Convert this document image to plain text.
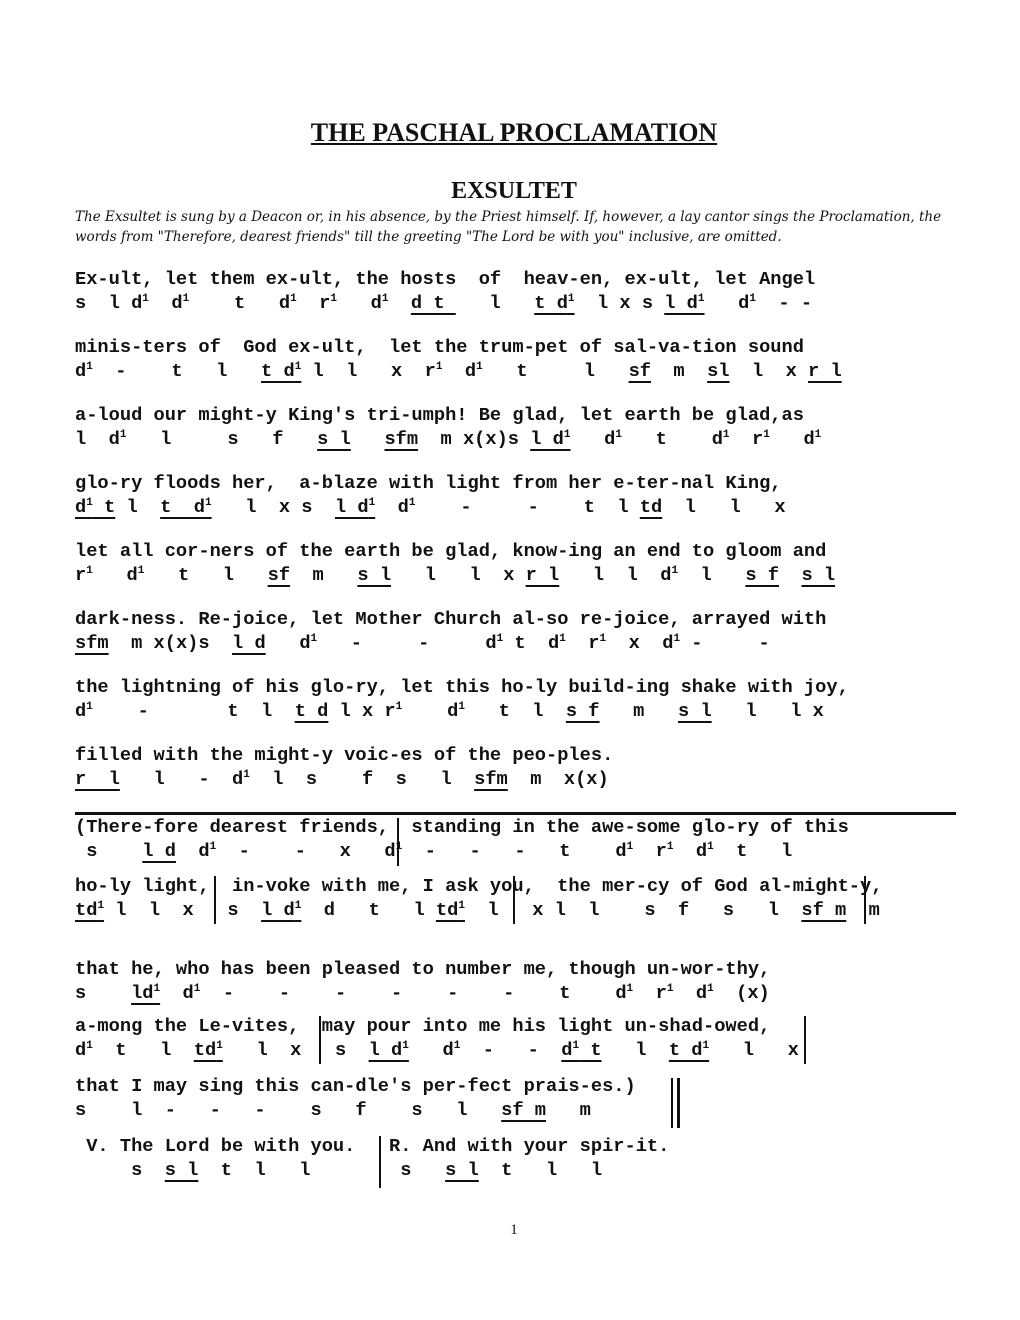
THE PASCHAL PROCLAMATION
EXSULTET

The Exsultet is sung by a Deacon or, in his absence, by the Priest himself. If, however, a lay cantor sings the Proclamation, the words from "Therefore, dearest friends" till the greeting "The Lord be with you" inclusive, are omitted.

Ex-ult, let them ex-ult, the hosts  of  heav-en, ex-ult, let Angel
s  l $d^1$  $d^1$    t   $d^1$  $r^1$   $d^1$ d t    l   t $d^1$  l x s l $d^1$   $d^1$  - -
minis-ters of  God ex-ult,  let the trum-pet of sal-va-tion sound
$d^1$  -    t   l   t $d^1$ l  l   x  $r^1$  $d^1$   t     l   sf  m  sl  l  x r l
a-loud our might-y King's tri-umph! Be glad, let earth be glad,as
l  $d^1$   l     s   f   s l sfm  m x(x)s l $d^1$   $d^1$   t    $d^1$  $r^1$   $d^1$
glo-ry floods her,  a-blaze with light from her e-ter-nal King,
$d^1$ t l  t  $d^1$   l  x s  l $d^1$  $d^1$    -     -    t  l td  l   l   x
let all cor-ners of the earth be glad, know-ing an end to gloom and
$r^1$   $d^1$   t   l   sf  m   s l   l   l  x r l   l  l  $d^1$  l   s f s l
dark-ness. Re-joice, let Mother Church al-so re-joice, arrayed with
sfm  m x(x)s  l d   $d^1$   -     -     $d^1$ t  $d^1$  $r^1$  x  $d^1$ -     -
the lightning of his glo-ry, let this ho-ly build-ing shake with joy,
$d^1$    -       t  l  t d l x $r^1$    $d^1$   t  l  s f   m   s l   l   l x
filled with the might-y voic-es of the peo-ples.
r  l   l   -  $d^1$  l  s    f  s   l  sfm  m  x(x)
(There-fore dearest friends,  standing in the awe-some glo-ry of this
s    l d  $d^1$  -    -   x   $d^1$  -   -   -   t    $d^1$  $r^1$  $d^1$  t   l
ho-ly light,  in-voke with me, I ask you,  the mer-cy of God al-might-y,
$td^1$ l  l  x   s  l $d^1$  d   t   l $td^1$  l   x l  l    s  f   s   l  sf m  m
that he, who has been pleased to number me, though un-wor-thy,
s    $ld^1$  $d^1$  -    -    -    -    -    -    t    $d^1$  $r^1$  $d^1$  (x)
a-mong the Le-vites,  may pour into me his light un-shad-owed,
$d^1$  t   l  $td^1$   l  x   s  l $d^1$   $d^1$  -   -  $d^1$ t   l  t $d^1$   l   x
that I may sing this can-dle's per-fect prais-es.)
s    l  -   -   -    s   f    s   l   sf m   m
V. The Lord be with you.   R. And with your spir-it.
s  s l  t  l   l        s   s l  t   l   l
1
